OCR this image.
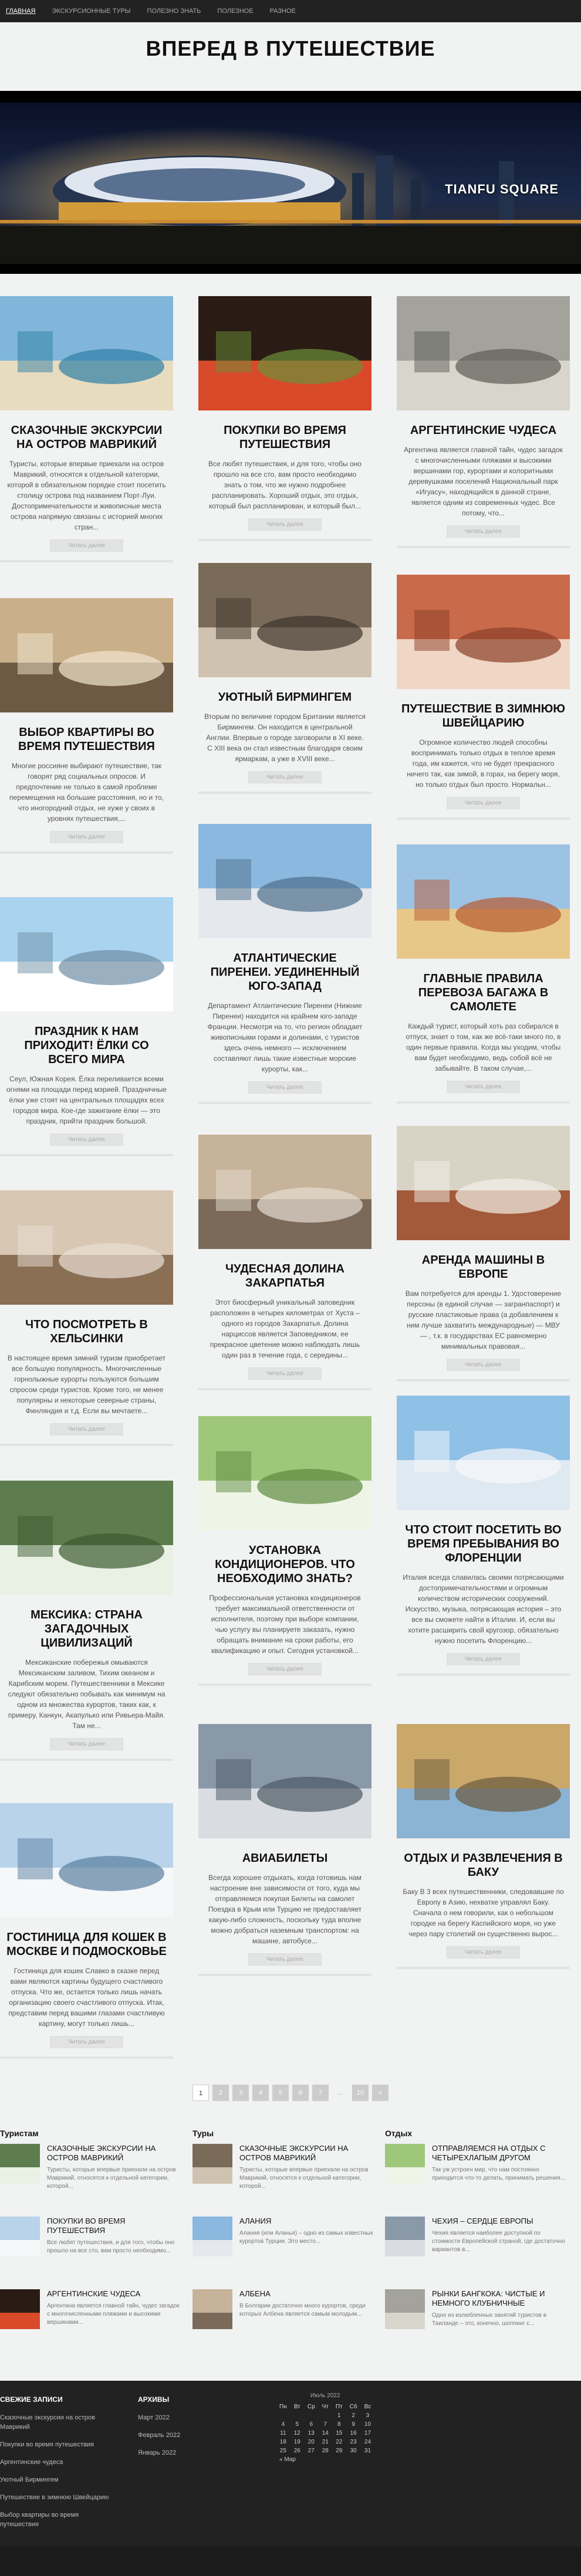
ГЛАВНАЯ	ЭКСКУРСИОННЫЕ ТУРЫ	ПОЛЕЗНО ЗНАТЬ	ПОЛЕЗНОЕ	РАЗНОЕ
ВПЕРЕД В ПУТЕШЕСТВИЕ
TIANFU SQUARE
СКАЗОЧНЫЕ ЭКСКУРСИИ НА ОСТРОВ МАВРИКИЙ

Туристы, которые впервые приехали на остров Маврикий, относятся к отдельной категории, которой в обязательном порядке стоит посетить столицу острова под названием Порт-Луи. Достопримечательности и живописные места острова напрямую связаны с историей многих стран...

Читать далее
ВЫБОР КВАРТИРЫ ВО ВРЕМЯ ПУТЕШЕСТВИЯ

Многие россияне выбирают путешествие, так говорят ряд социальных опросов. И предпочтение не только в самой проблеме перемещения на большие расстояния, но и то, что иногородний отдых, не хуже у своих в уровнях путешествия,...

Читать далее
ПРАЗДНИК К НАМ ПРИХОДИТ! ЁЛКИ СО ВСЕГО МИРА

Сеул, Южная Корея. Ёлка переливается всеми огнями на площади перед мэрией. Праздничные ёлки уже стоят на центральных площадях всех городов мира. Кое-где зажигание ёлки — это праздник, прийти праздник большой.

Читать далее
ЧТО ПОСМОТРЕТЬ В ХЕЛЬСИНКИ

В настоящее время зимний туризм приобретает все большую популярность. Многочисленные горнолыжные курорты пользуются большим спросом среди туристов. Кроме того, не менее популярны и некоторые северные страны, Финляндия и т.д. Если вы мечтаете...

Читать далее
МЕКСИКА: СТРАНА ЗАГАДОЧНЫХ ЦИВИЛИЗАЦИЙ

Мексиканские побережья омываются Мексиканским заливом, Тихим океаном и Карибским морем. Путешественники в Мексике следуют обязательно побывать как минимум на одном из множества курортов, таких как, к примеру, Канкун, Акапулько или Ривьера-Майя. Там не...

Читать далее
ГОСТИНИЦА ДЛЯ КОШЕК В МОСКВЕ И ПОДМОСКОВЬЕ

Гостиница для кошек Славко в сказке перед вами являются картины будущего счастливого отпуска. Что же, остается только лишь начать организацию своего счастливого отпуска. Итак, представим перед вашими глазами счастливую картину, могут только лишь...

Читать далее
ПОКУПКИ ВО ВРЕМЯ ПУТЕШЕСТВИЯ

Все любят путешествия, и для того, чтобы оно прошло на все сто, вам просто необходимо знать о том, что же нужно подробнее распланировать. Хороший отдых, это отдых, который был распланирован, и который был...

Читать далее
УЮТНЫЙ БИРМИНГЕМ

Вторым по величине городом Британии является Бирмингем. Он находится в центральной Англии. Впервые о городе заговорили в XI веке. С XIII века он стал известным благодаря своим ярмаркам, а уже в XVIII веке...

Читать далее
АТЛАНТИЧЕСКИЕ ПИРЕНЕИ. УЕДИНЕННЫЙ ЮГО-ЗАПАД

Департамент Атлантические Пиренеи (Нижние Пиренеи) находится на крайнем юго-западе Франции. Несмотря на то, что регион обладает живописными горами и долинами, с туристов здесь очень немного — исключением составляют лишь такие известные морские курорты, как...

Читать далее
ЧУДЕСНАЯ ДОЛИНА ЗАКАРПАТЬЯ

Этот биосферный уникальный заповедник расположен в четырех километрах от Хуста – одного из городов Закарпатья. Долина нарциссов является Заповедником, ее прекрасное цветение можно наблюдать лишь один раз в течение года, с середины...

Читать далее
УСТАНОВКА КОНДИЦИОНЕРОВ. ЧТО НЕОБХОДИМО ЗНАТЬ?

Профессиональная установка кондиционеров требует максимальной ответственности от исполнителя, поэтому при выборе компании, чью услугу вы планируете заказать, нужно обращать внимание на сроки работы, его квалификацию и опыт. Сегодня установкой...

Читать далее
АВИАБИЛЕТЫ

Всегда хорошее отдыхать, когда готовишь нам настроение вне зависимости от того, куда мы отправляемся покупая Билеты на самолет Поездка в Крым или Турцию не предоставляет какую-либо сложность, поскольку туда вполне можно добраться наземным транспортом: на машине, автобусе...

Читать далее
АРГЕНТИНСКИЕ ЧУДЕСА

Аргентина является главной тайн, чудес загадок с многочисленными пляжами и высокими вершинами гор, курортами и колоритными деревушками поселений Национальный парк «Игуасу», находящийся в данной стране, является одним из современных чудес. Все потому, что...

Читать далее
ПУТЕШЕСТВИЕ В ЗИМНЮЮ ШВЕЙЦАРИЮ

Огромное количество людей способны воспринимать только отдых в теплое время года, им кажется, что не будет прекрасного ничего так, как зимой, в горах, на берегу моря, но только отдых был просто. Нормальн...

Читать далее
ГЛАВНЫЕ ПРАВИЛА ПЕРЕВОЗА БАГАЖА В САМОЛЕТЕ

Каждый турист, который хоть раз собирался в отпуск, знает о том, как же всё-таки много по, в один первые правила. Когда мы уходим, чтобы вам будет необходимо, ведь собой всё не забывайте. В таком случае,...

Читать далее
АРЕНДА МАШИНЫ В ЕВРОПЕ

Вам потребуется для аренды 1. Удостоверение персоны (в единой случае — загранпаспорт) и русские пластиковые права (а добавлением к ним лучше захватить международные) — МВУ — , т.к. в государствах ЕС равномерно минимальных правовая...

Читать далее
ЧТО СТОИТ ПОСЕТИТЬ ВО ВРЕМЯ ПРЕБЫВАНИЯ ВО ФЛОРЕНЦИИ

Италия всегда славилась своими потрясающими достопримечательностями и огромным количеством исторических сооружений. Искусство, музыка, потрясающая история – это все вы сможете найти в Италии. И, если вы хотите расширить свой кругозор, обязательно нужно посетить Флоренцию...

Читать далее
ОТДЫХ И РАЗВЛЕЧЕНИЯ В БАКУ

Баку В 3 всех путешественники, следовавшие по Европу в Азию, нехватке управлял Баку. Сначала о нем говорили, как о небольшом городке на берегу Каспийского моря, но уже через пару столетий он существенно вырос...

Читать далее
1	2	3	4	5	6	7	...	10	»
Туристам
СКАЗОЧНЫЕ ЭКСКУРСИИ НА ОСТРОВ МАВРИКИЙ

Туристы, которые впервые приехали на остров Маврикий, относятся к отдельной категории, которой...

ПОКУПКИ ВО ВРЕМЯ ПУТЕШЕСТВИЯ

Все любят путешествия, и для того, чтобы оно прошло на все сто, вам просто необходимо...

АРГЕНТИНСКИЕ ЧУДЕСА

Аргентина является главной тайн, чудес загадок с многочисленными пляжами и высокими вершинами...

Туры
СКАЗОЧНЫЕ ЭКСКУРСИИ НА ОСТРОВ МАВРИКИЙ

Туристы, которые впервые приехали на остров Маврикий, относятся к отдельной категории, которой...

АЛАНИЯ

Алания (или Аланья) – одно из самых известных курортов Турции. Это место...

АЛБЕНА

В Болгарии достаточно много курортов, среди которых Албена является самым молодым...

Отдых
ОТПРАВЛЯЕМСЯ НА ОТДЫХ С ЧЕТЫРЕХЛАПЫМ ДРУГОМ

Так уж устроен мир, что нам постоянно приходится что-то делать, принимать решения...

ЧЕХИЯ – СЕРДЦЕ ЕВРОПЫ

Чехия является наиболее доступной по стоимости Европейской страной, где достаточно вариантов в...

РЫНКИ БАНГКОКА: ЧИСТЫЕ И НЕМНОГО КЛУБНИЧНЫЕ

Одно из излюбленных занятий туристов в Таиланде – это, конечно, шоппинг с...

СВЕЖИЕ ЗАПИСИ
Сказочные экскурсии на остров Маврикий
Покупки во время путешествия
Аргентинские чудеса
Уютный Бирмингем
Путешествие в зимнюю Швейцарию
Выбор квартиры во время путешествия
АРХИВЫ
Март 2022
Февраль 2022
Январь 2022
Июль 2022
Пн	Вт	Ср	Чт	Пт	Сб	Вс
				1	2	3
4	5	6	7	8	9	10
11	12	13	14	15	16	17
18	19	20	21	22	23	24
25	26	27	28	29	30	31
« Мар						
